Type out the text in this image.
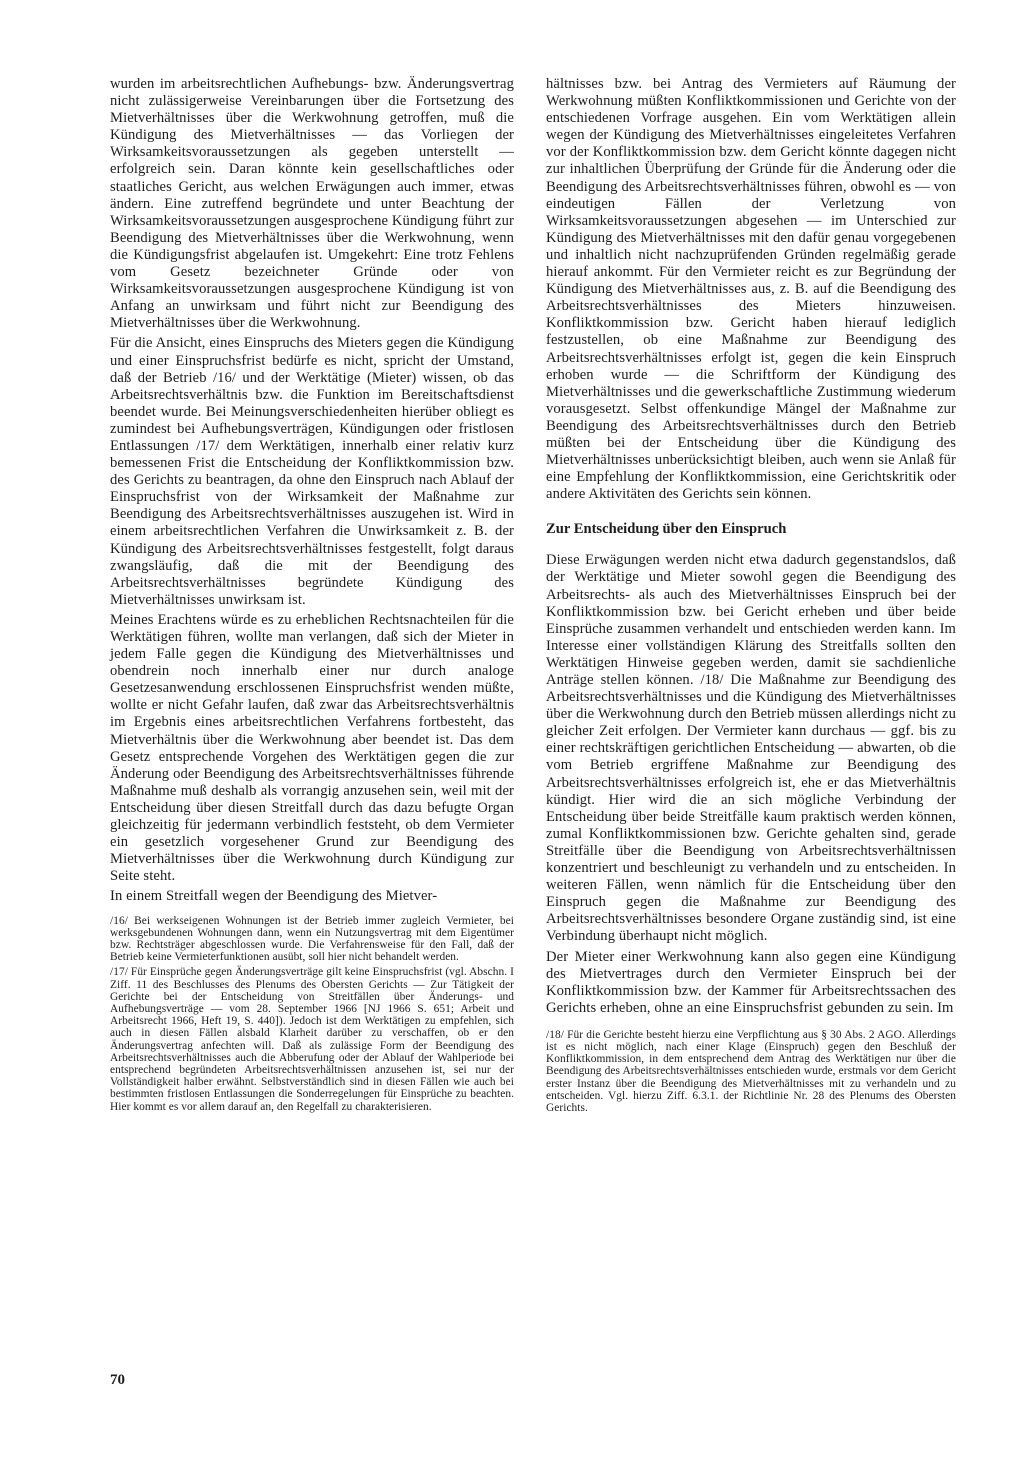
wurden im arbeitsrechtlichen Aufhebungs- bzw. Änderungsvertrag nicht zulässigerweise Vereinbarungen über die Fortsetzung des Mietverhältnisses über die Werkwohnung getroffen, muß die Kündigung des Mietverhältnisses — das Vorliegen der Wirksamkeitsvoraussetzungen als gegeben unterstellt — erfolgreich sein. Daran könnte kein gesellschaftliches oder staatliches Gericht, aus welchen Erwägungen auch immer, etwas ändern. Eine zutreffend begründete und unter Beachtung der Wirksamkeitsvoraussetzungen ausgesprochene Kündigung führt zur Beendigung des Mietverhältnisses über die Werkwohnung, wenn die Kündigungsfrist abgelaufen ist. Umgekehrt: Eine trotz Fehlens vom Gesetz bezeichneter Gründe oder von Wirksamkeitsvoraussetzungen ausgesprochene Kündigung ist von Anfang an unwirksam und führt nicht zur Beendigung des Mietverhältnisses über die Werkwohnung.

Für die Ansicht, eines Einspruchs des Mieters gegen die Kündigung und einer Einspruchsfrist bedürfe es nicht, spricht der Umstand, daß der Betrieb /16/ und der Werktätige (Mieter) wissen, ob das Arbeitsrechtsverhältnis bzw. die Funktion im Bereitschaftsdienst beendet wurde. Bei Meinungsverschiedenheiten hierüber obliegt es zumindest bei Aufhebungsverträgen, Kündigungen oder fristlosen Entlassungen /17/ dem Werktätigen, innerhalb einer relativ kurz bemessenen Frist die Entscheidung der Konfliktkommission bzw. des Gerichts zu beantragen, da ohne den Einspruch nach Ablauf der Einspruchsfrist von der Wirksamkeit der Maßnahme zur Beendigung des Arbeitsrechtsverhältnisses auszugehen ist. Wird in einem arbeitsrechtlichen Verfahren die Unwirksamkeit z. B. der Kündigung des Arbeitsrechtsverhältnisses festgestellt, folgt daraus zwangsläufig, daß die mit der Beendigung des Arbeitsrechtsverhältnisses begründete Kündigung des Mietverhältnisses unwirksam ist.

Meines Erachtens würde es zu erheblichen Rechtsnachteilen für die Werktätigen führen, wollte man verlangen, daß sich der Mieter in jedem Falle gegen die Kündigung des Mietverhältnisses und obendrein noch innerhalb einer nur durch analoge Gesetzesanwendung erschlossenen Einspruchsfrist wenden müßte, wollte er nicht Gefahr laufen, daß zwar das Arbeitsrechtsverhältnis im Ergebnis eines arbeitsrechtlichen Verfahrens fortbesteht, das Mietverhältnis über die Werkwohnung aber beendet ist. Das dem Gesetz entsprechende Vorgehen des Werktätigen gegen die zur Änderung oder Beendigung des Arbeitsrechtsverhältnisses führende Maßnahme muß deshalb als vorrangig anzusehen sein, weil mit der Entscheidung über diesen Streitfall durch das dazu befugte Organ gleichzeitig für jedermann verbindlich feststeht, ob dem Vermieter ein gesetzlich vorgesehener Grund zur Beendigung des Mietverhältnisses über die Werkwohnung durch Kündigung zur Seite steht.

In einem Streitfall wegen der Beendigung des Mietver-

/16/ Bei werkseigenen Wohnungen ist der Betrieb immer zugleich Vermieter, bei werksgebundenen Wohnungen dann, wenn ein Nutzungsvertrag mit dem Eigentümer bzw. Rechtsträger abgeschlossen wurde. Die Verfahrensweise für den Fall, daß der Betrieb keine Vermieterfunktionen ausübt, soll hier nicht behandelt werden.

/17/ Für Einsprüche gegen Änderungsverträge gilt keine Einspruchsfrist (vgl. Abschn. I Ziff. 11 des Beschlusses des Plenums des Obersten Gerichts — Zur Tätigkeit der Gerichte bei der Entscheidung von Streitfällen über Änderungs- und Aufhebungsverträge — vom 28. September 1966 [NJ 1966 S. 651; Arbeit und Arbeitsrecht 1966, Heft 19, S. 440]). Jedoch ist dem Werktätigen zu empfehlen, sich auch in diesen Fällen alsbald Klarheit darüber zu verschaffen, ob er den Änderungsvertrag anfechten will. Daß als zulässige Form der Beendigung des Arbeitsrechtsverhältnisses auch die Abberufung oder der Ablauf der Wahlperiode bei entsprechend begründeten Arbeitsrechtsverhältnissen anzusehen ist, sei nur der Vollständigkeit halber erwähnt. Selbstverständlich sind in diesen Fällen wie auch bei bestimmten fristlosen Entlassungen die Sonderregelungen für Einsprüche zu beachten. Hier kommt es vor allem darauf an, den Regelfall zu charakterisieren.

hältnisses bzw. bei Antrag des Vermieters auf Räumung der Werkwohnung müßten Konfliktkommissionen und Gerichte von der entschiedenen Vorfrage ausgehen. Ein vom Werktätigen allein wegen der Kündigung des Mietverhältnisses eingeleitetes Verfahren vor der Konfliktkommission bzw. dem Gericht könnte dagegen nicht zur inhaltlichen Überprüfung der Gründe für die Änderung oder die Beendigung des Arbeitsrechtsverhältnisses führen, obwohl es — von eindeutigen Fällen der Verletzung von Wirksamkeitsvoraussetzungen abgesehen — im Unterschied zur Kündigung des Mietverhältnisses mit den dafür genau vorgegebenen und inhaltlich nicht nachzuprüfenden Gründen regelmäßig gerade hierauf ankommt. Für den Vermieter reicht es zur Begründung der Kündigung des Mietverhältnisses aus, z. B. auf die Beendigung des Arbeitsrechtsverhältnisses des Mieters hinzuweisen. Konfliktkommission bzw. Gericht haben hierauf lediglich festzustellen, ob eine Maßnahme zur Beendigung des Arbeitsrechtsverhältnisses erfolgt ist, gegen die kein Einspruch erhoben wurde — die Schriftform der Kündigung des Mietverhältnisses und die gewerkschaftliche Zustimmung wiederum vorausgesetzt. Selbst offenkundige Mängel der Maßnahme zur Beendigung des Arbeitsrechtsverhältnisses durch den Betrieb müßten bei der Entscheidung über die Kündigung des Mietverhältnisses unberücksichtigt bleiben, auch wenn sie Anlaß für eine Empfehlung der Konfliktkommission, eine Gerichtskritik oder andere Aktivitäten des Gerichts sein können.

Zur Entscheidung über den Einspruch

Diese Erwägungen werden nicht etwa dadurch gegenstandslos, daß der Werktätige und Mieter sowohl gegen die Beendigung des Arbeitsrechts- als auch des Mietverhältnisses Einspruch bei der Konfliktkommission bzw. bei Gericht erheben und über beide Einsprüche zusammen verhandelt und entschieden werden kann. Im Interesse einer vollständigen Klärung des Streitfalls sollten den Werktätigen Hinweise gegeben werden, damit sie sachdienliche Anträge stellen können. /18/ Die Maßnahme zur Beendigung des Arbeitsrechtsverhältnisses und die Kündigung des Mietverhältnisses über die Werkwohnung durch den Betrieb müssen allerdings nicht zu gleicher Zeit erfolgen. Der Vermieter kann durchaus — ggf. bis zu einer rechtskräftigen gerichtlichen Entscheidung — abwarten, ob die vom Betrieb ergriffene Maßnahme zur Beendigung des Arbeitsrechtsverhältnisses erfolgreich ist, ehe er das Mietverhältnis kündigt. Hier wird die an sich mögliche Verbindung der Entscheidung über beide Streitfälle kaum praktisch werden können, zumal Konfliktkommissionen bzw. Gerichte gehalten sind, gerade Streitfälle über die Beendigung von Arbeitsrechtsverhältnissen konzentriert und beschleunigt zu verhandeln und zu entscheiden. In weiteren Fällen, wenn nämlich für die Entscheidung über den Einspruch gegen die Maßnahme zur Beendigung des Arbeitsrechtsverhältnisses besondere Organe zuständig sind, ist eine Verbindung überhaupt nicht möglich.

Der Mieter einer Werkwohnung kann also gegen eine Kündigung des Mietvertrages durch den Vermieter Einspruch bei der Konfliktkommission bzw. der Kammer für Arbeitsrechtssachen des Gerichts erheben, ohne an eine Einspruchsfrist gebunden zu sein. Im

/18/ Für die Gerichte besteht hierzu eine Verpflichtung aus § 30 Abs. 2 AGO. Allerdings ist es nicht möglich, nach einer Klage (Einspruch) gegen den Beschluß der Konfliktkommission, in dem entsprechend dem Antrag des Werktätigen nur über die Beendigung des Arbeitsrechtsverhältnisses entschieden wurde, erstmals vor dem Gericht erster Instanz über die Beendigung des Mietverhältnisses mit zu verhandeln und zu entscheiden. Vgl. hierzu Ziff. 6.3.1. der Richtlinie Nr. 28 des Plenums des Obersten Gerichts.

70
